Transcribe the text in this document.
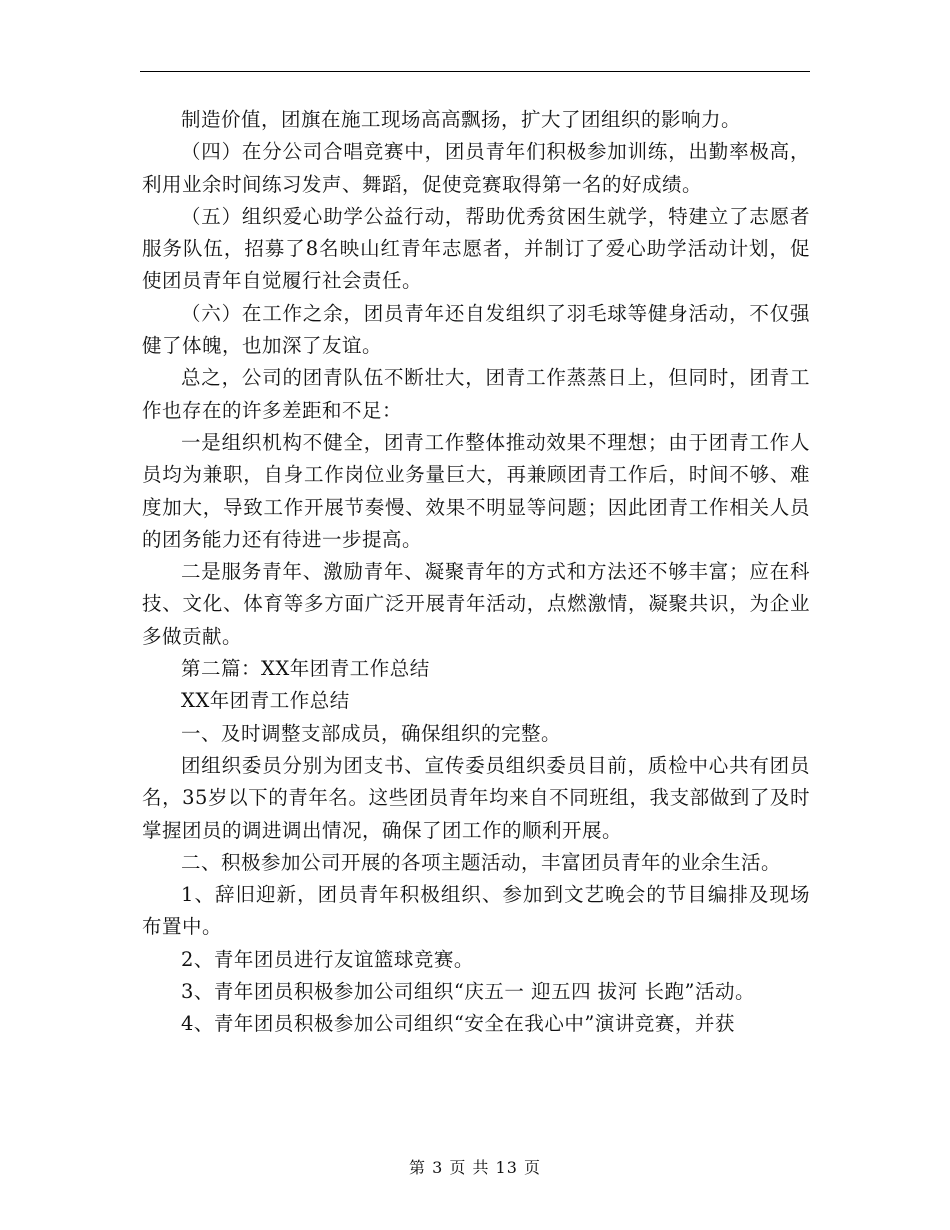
制造价值，团旗在施工现场高高飘扬，扩大了团组织的影响力。

（四）在分公司合唱竞赛中，团员青年们积极参加训练，出勤率极高，利用业余时间练习发声、舞蹈，促使竞赛取得第一名的好成绩。

（五）组织爱心助学公益行动，帮助优秀贫困生就学，特建立了志愿者服务队伍，招募了8名映山红青年志愿者，并制订了爱心助学活动计划，促使团员青年自觉履行社会责任。

（六）在工作之余，团员青年还自发组织了羽毛球等健身活动，不仅强健了体魄，也加深了友谊。

总之，公司的团青队伍不断壮大，团青工作蒸蒸日上，但同时，团青工作也存在的许多差距和不足：

一是组织机构不健全，团青工作整体推动效果不理想；由于团青工作人员均为兼职，自身工作岗位业务量巨大，再兼顾团青工作后，时间不够、难度加大，导致工作开展节奏慢、效果不明显等问题；因此团青工作相关人员的团务能力还有待进一步提高。

二是服务青年、激励青年、凝聚青年的方式和方法还不够丰富；应在科技、文化、体育等多方面广泛开展青年活动，点燃激情，凝聚共识，为企业多做贡献。

第二篇：XX年团青工作总结

XX年团青工作总结

一、及时调整支部成员，确保组织的完整。

团组织委员分别为团支书、宣传委员组织委员目前，质检中心共有团员名，35岁以下的青年名。这些团员青年均来自不同班组，我支部做到了及时掌握团员的调进调出情况，确保了团工作的顺利开展。

二、积极参加公司开展的各项主题活动，丰富团员青年的业余生活。

1、辞旧迎新，团员青年积极组织、参加到文艺晚会的节目编排及现场布置中。

2、青年团员进行友谊篮球竞赛。

3、青年团员积极参加公司组织“庆五一 迎五四 拔河 长跑”活动。

4、青年团员积极参加公司组织“安全在我心中”演讲竞赛，并获

第 3 页 共 13 页
